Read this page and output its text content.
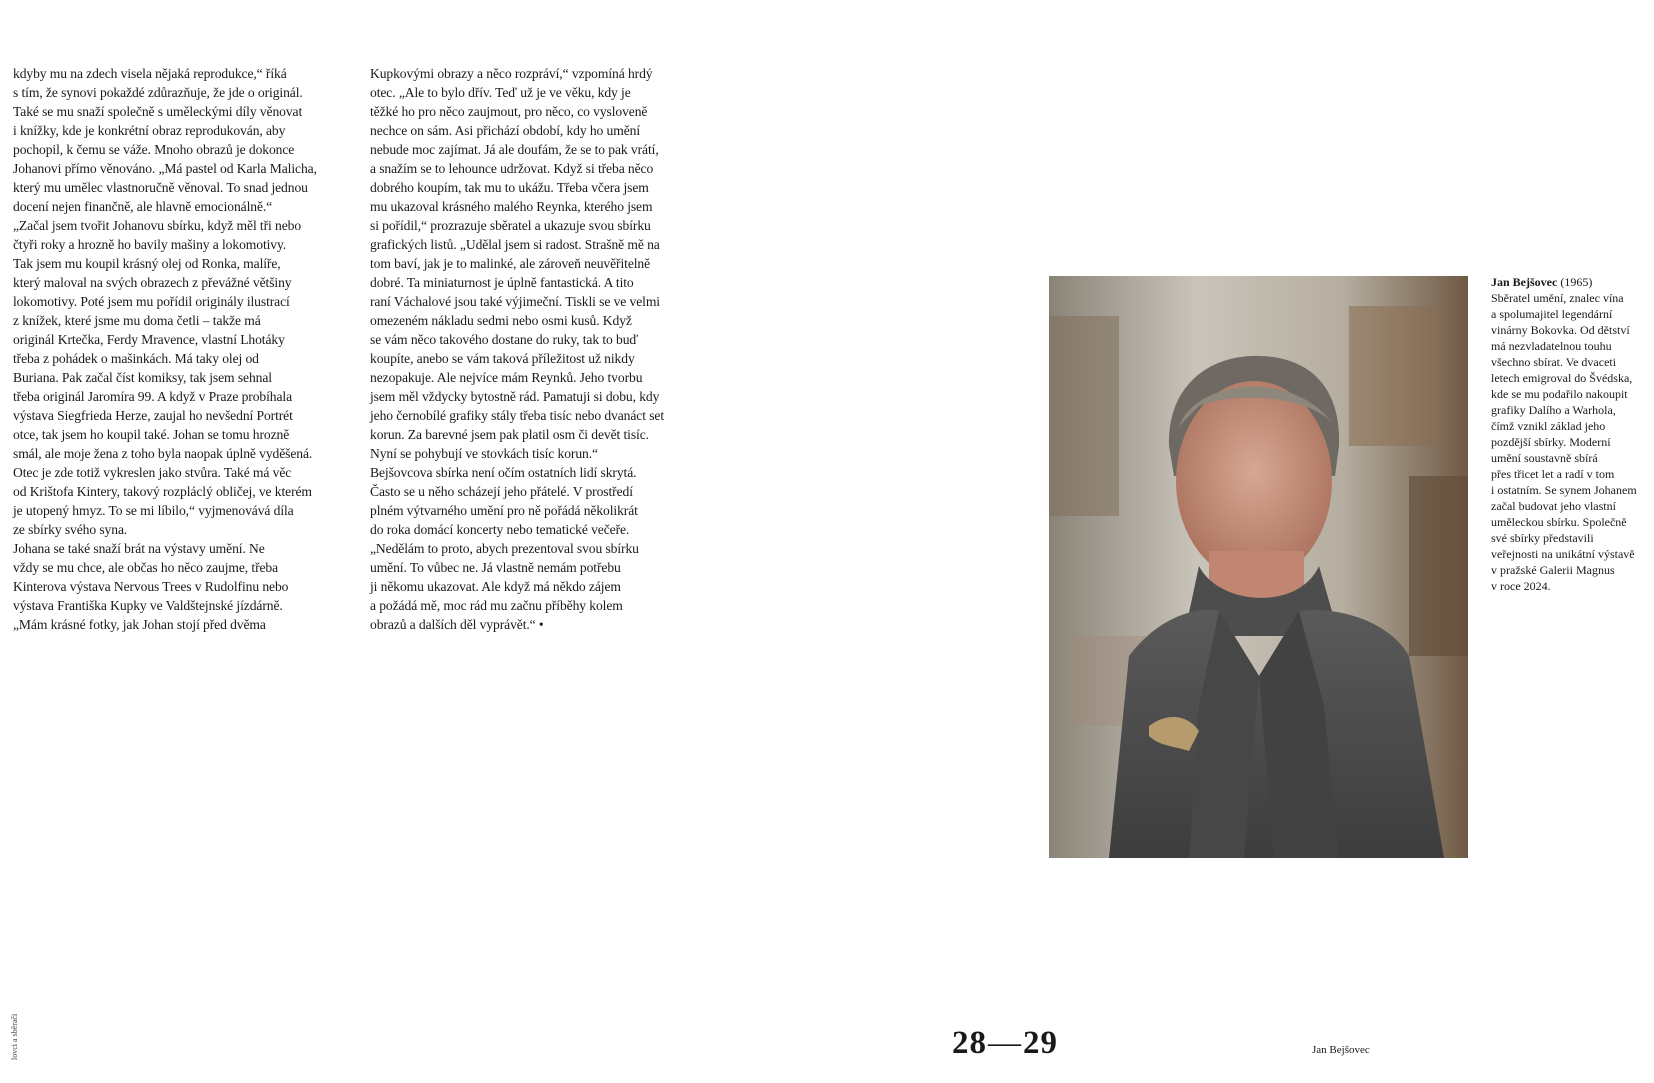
kdyby mu na zdech visela nějaká reprodukce,“ říká
s tím, že synovi pokaždé zdůrazňuje, že jde o originál.
Také se mu snaží společně s uměleckými díly věnovat
i knížky, kde je konkrétní obraz reprodukován, aby
pochopil, k čemu se váže. Mnoho obrazů je dokonce
Johanovi přímo věnováno. „Má pastel od Karla Malicha,
který mu umělec vlastnoručně věnoval. To snad jednou
docení nejen finančně, ale hlavně emocionálně.“
„Začal jsem tvořit Johanovu sbírku, když měl tři nebo
čtyři roky a hrozně ho bavily mašiny a lokomotivy.
Tak jsem mu koupil krásný olej od Ronka, malíře,
který maloval na svých obrazech z převážné většiny
lokomotivy. Poté jsem mu pořídil originály ilustrací
z knížek, které jsme mu doma četli – takže má
originál Krtečka, Ferdy Mravence, vlastní Lhotáky
třeba z pohádek o mašinkách. Má taky olej od
Buriana. Pak začal číst komiksy, tak jsem sehnal
třeba originál Jaromíra 99. A když v Praze probíhala
výstava Siegfrieda Herze, zaujal ho nevšední Portrét
otce, tak jsem ho koupil také. Johan se tomu hrozně
smál, ale moje žena z toho byla naopak úplně vyděšená.
Otec je zde totiž vykreslen jako stvůra. Také má věc
od Krištofa Kintery, takový rozpláclý obličej, ve kterém
je utopený hmyz. To se mi líbilo,“ vyjmenovává díla
ze sbírky svého syna.
Johana se také snaží brát na výstavy umění. Ne
vždy se mu chce, ale občas ho něco zaujme, třeba
Kinterova výstava Nervous Trees v Rudolfinu nebo
výstava Františka Kupky ve Valdštejnské jízdárně.
„Mám krásné fotky, jak Johan stojí před dvěma

Kupkovými obrazy a něco rozpráví,“ vzpomíná hrdý
otec. „Ale to bylo dřív. Teď už je ve věku, kdy je
těžké ho pro něco zaujmout, pro něco, co vysloveně
nechce on sám. Asi přichází období, kdy ho umění
nebude moc zajímat. Já ale doufám, že se to pak vrátí,
a snažím se to lehounce udržovat. Když si třeba něco
dobrého koupím, tak mu to ukážu. Třeba včera jsem
mu ukazoval krásného malého Reynka, kterého jsem
si pořídil,“ prozrazuje sběratel a ukazuje svou sbírku
grafických listů. „Udělal jsem si radost. Strašně mě na
tom baví, jak je to malinké, ale zároveň neuvěřitelně
dobré. Ta miniaturnost je úplně fantastická. A tito
raní Váchalové jsou také výjimeční. Tiskli se ve velmi
omezeném nákladu sedmi nebo osmi kusů. Když
se vám něco takového dostane do ruky, tak to buď
koupíte, anebo se vám taková příležitost už nikdy
nezopakuje. Ale nejvíce mám Reynků. Jeho tvorbu
jsem měl vždycky bytostně rád. Pamatuji si dobu, kdy
jeho černobílé grafiky stály třeba tisíc nebo dvanáct set
korun. Za barevné jsem pak platil osm či devět tisíc.
Nyní se pohybují ve stovkách tisíc korun.“
Bejšovcova sbírka není očím ostatních lidí skrytá.
Často se u něho scházejí jeho přátelé. V prostředí
plném výtvarného umění pro ně pořádá několikrát
do roka domácí koncerty nebo tematické večeře.
„Nedělám to proto, abych prezentoval svou sbírku
umění. To vůbec ne. Já vlastně nemám potřebu
ji někomu ukazovat. Ale když má někdo zájem
a požádá mě, moc rád mu začnu příběhy kolem
obrazů a dalších děl vyprávět.“ •

Jan Bejšovec (1965)
Sběratel umění, znalec vína
a spolumajitel legendární
vinárny Bokovka. Od dětství
má nezvladatelnou touhu
všechno sbírat. Ve dvaceti
letech emigroval do Švédska,
kde se mu podařilo nakoupit
grafiky Dalího a Warhola,
čímž vznikl základ jeho
pozdější sbírky. Moderní
umění soustavně sbírá
přes třicet let a radí v tom
i ostatním. Se synem Johanem
začal budovat jeho vlastní
uměleckou sbírku. Společně
své sbírky představili
veřejnosti na unikátní výstavě
v pražské Galerii Magnus
v roce 2024.
28—29	Jan Bejšovec
lovci a sběrači
